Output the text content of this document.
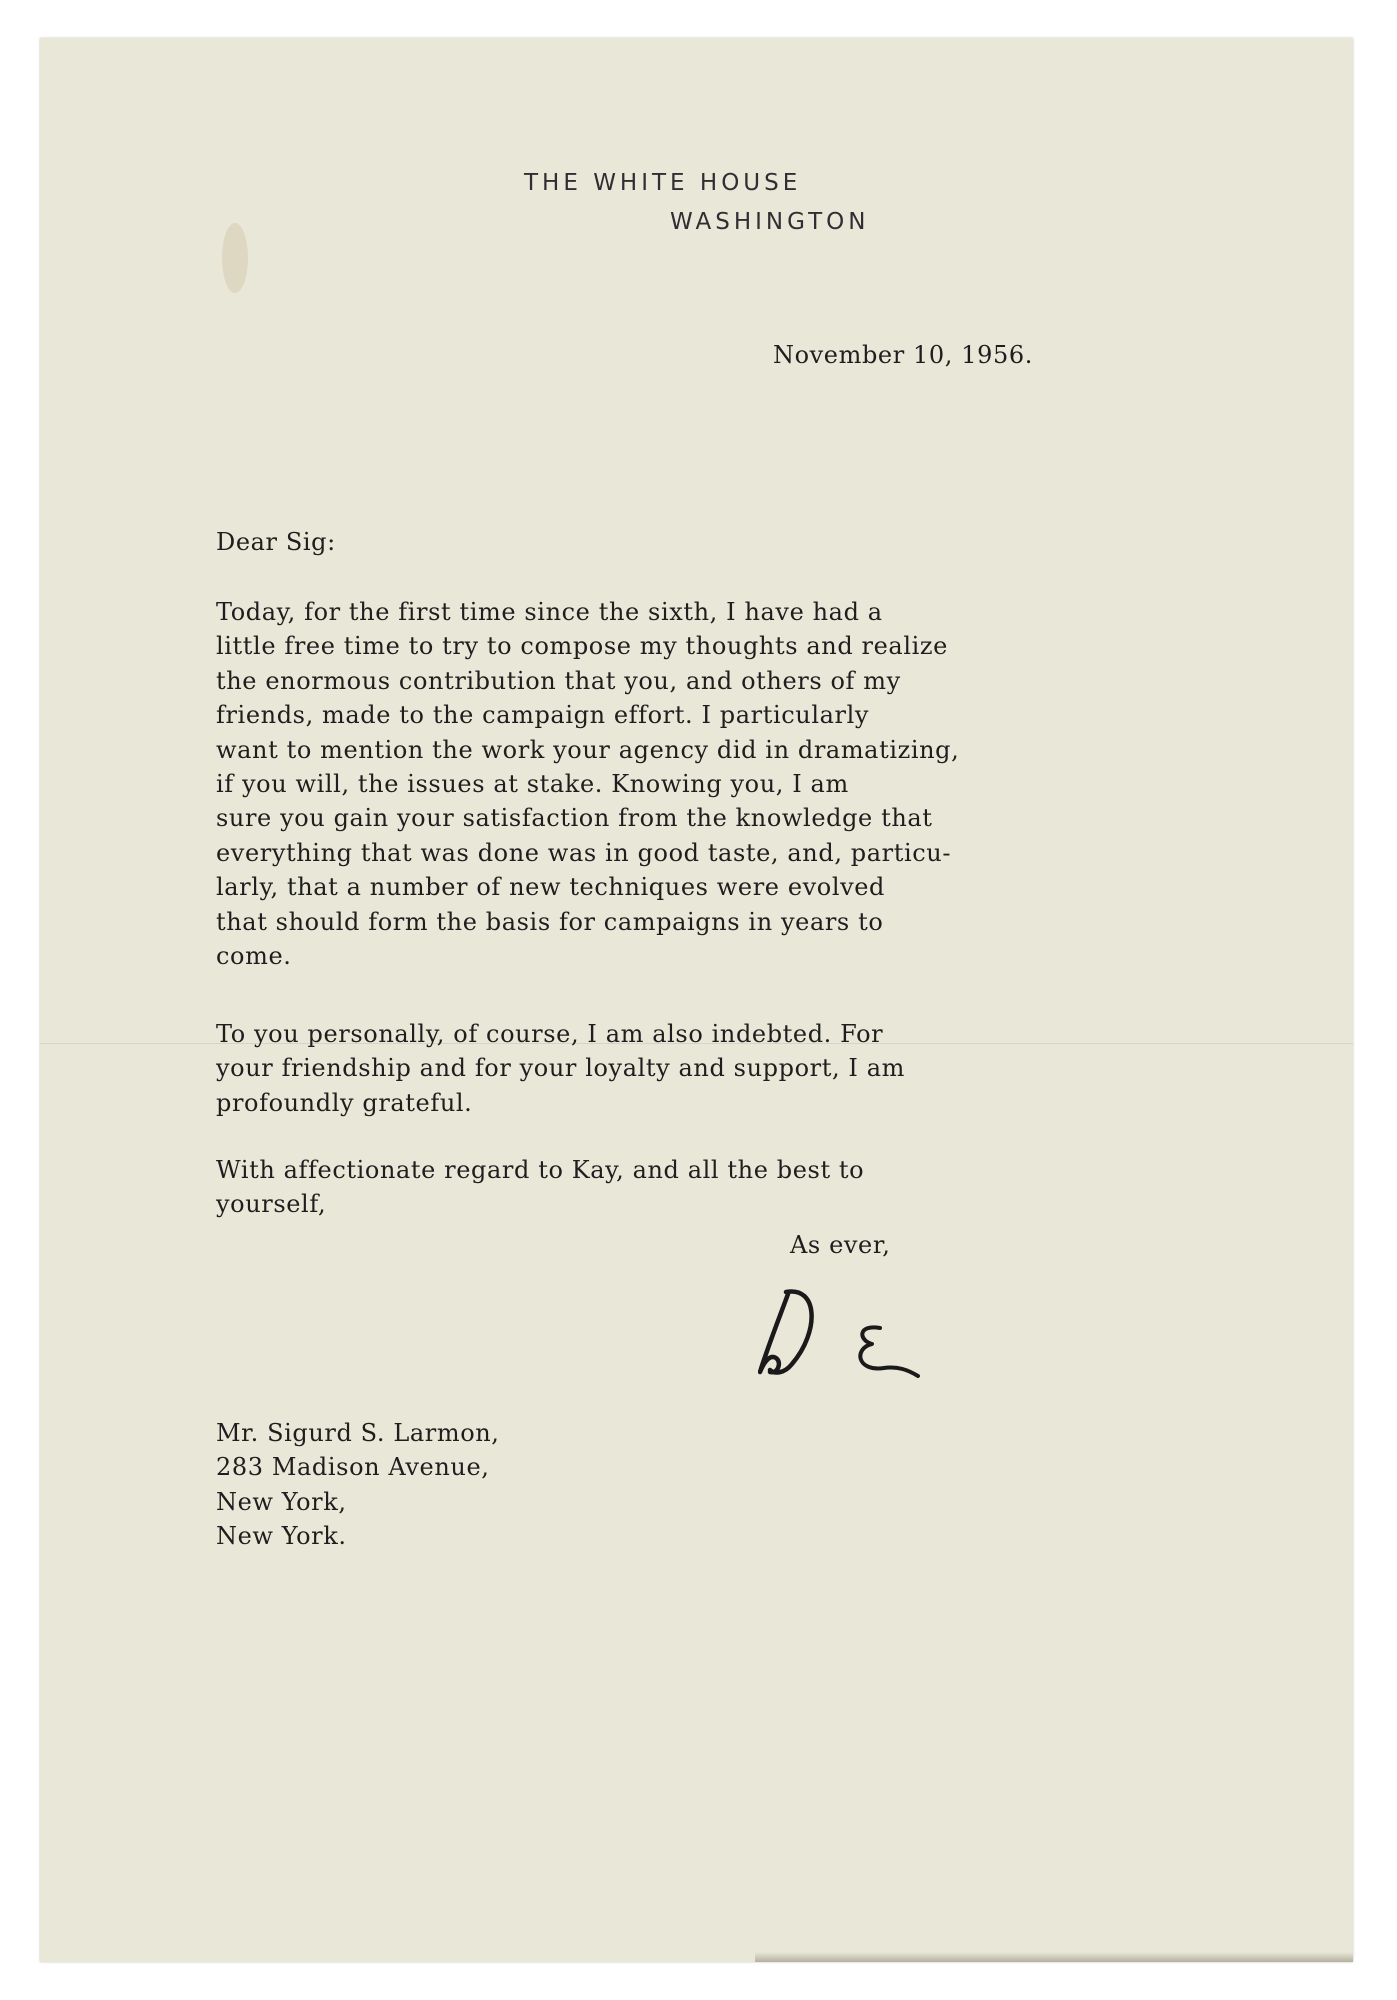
THE WHITE HOUSE
WASHINGTON
November 10, 1956.
Dear Sig:
Today, for the first time since the sixth, I have had a
little free time to try to compose my thoughts and realize
the enormous contribution that you, and others of my
friends, made to the campaign effort. I particularly
want to mention the work your agency did in dramatizing,
if you will, the issues at stake. Knowing you, I am
sure you gain your satisfaction from the knowledge that
everything that was done was in good taste, and, particu-
larly, that a number of new techniques were evolved
that should form the basis for campaigns in years to
come.
To you personally, of course, I am also indebted. For
your friendship and for your loyalty and support, I am
profoundly grateful.
With affectionate regard to Kay, and all the best to
yourself,
As ever,
Mr. Sigurd S. Larmon,
283 Madison Avenue,
New York,
New York.
